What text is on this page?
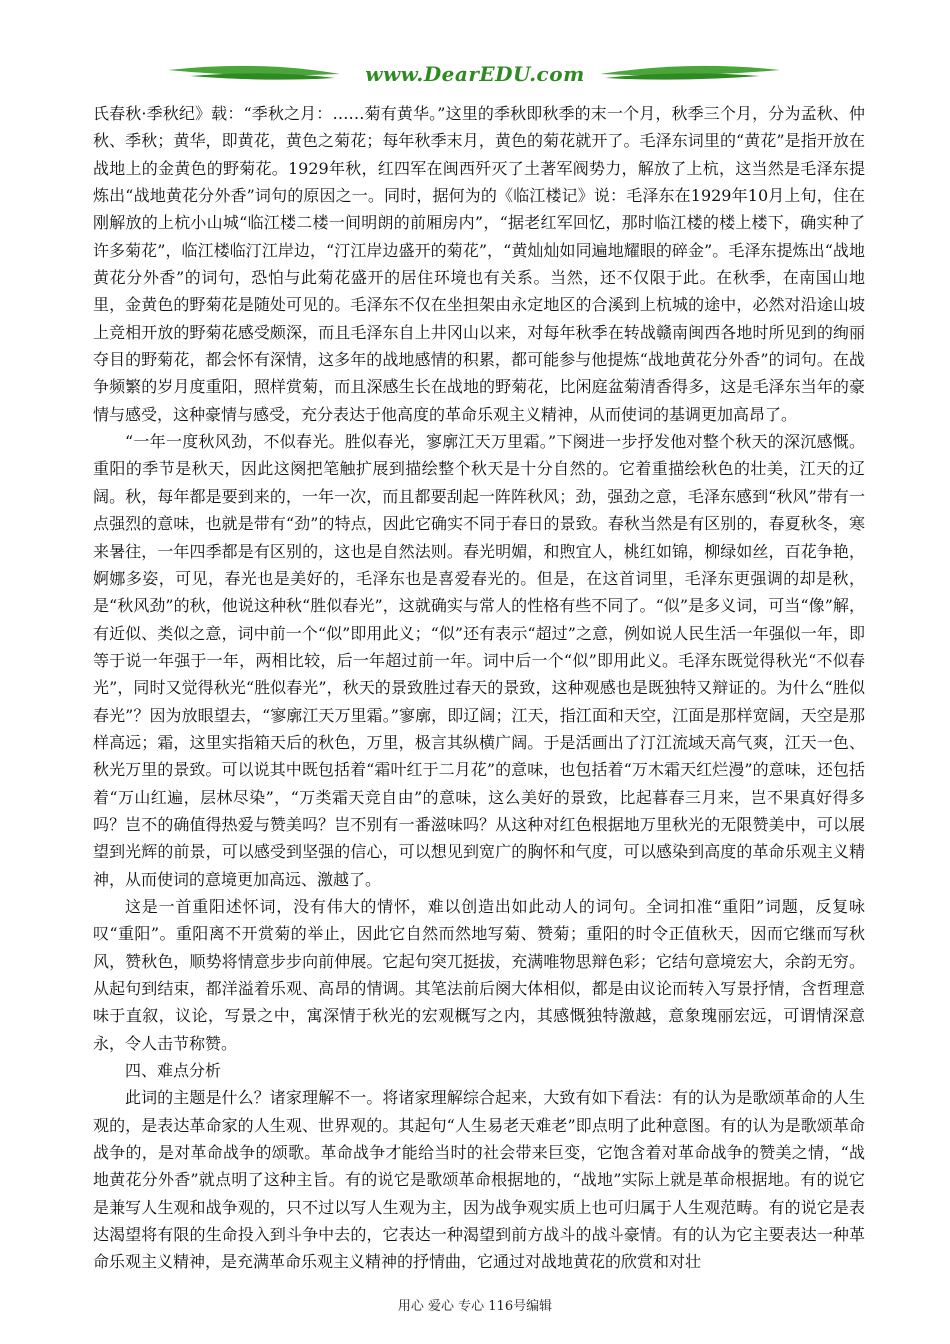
www.DearEDU.com

氏春秋·季秋纪》载：“季秋之月：……菊有黄华。”这里的季秋即秋季的末一个月，秋季三个月，分为孟秋、仲秋、季秋；黄华，即黄花，黄色之菊花；每年秋季末月，黄色的菊花就开了。毛泽东词里的“黄花”是指开放在战地上的金黄色的野菊花。1929年秋，红四军在闽西歼灭了土著军阀势力，解放了上杭，这当然是毛泽东提炼出“战地黄花分外香”词句的原因之一。同时，据何为的《临江楼记》说：毛泽东在1929年10月上旬，住在刚解放的上杭小山城“临江楼二楼一间明朗的前厢房内”，“据老红军回忆，那时临江楼的楼上楼下，确实种了许多菊花”，临江楼临汀江岸边，“汀江岸边盛开的菊花”，“黄灿灿如同遍地耀眼的碎金”。毛泽东提炼出“战地黄花分外香”的词句，恐怕与此菊花盛开的居住环境也有关系。当然，还不仅限于此。在秋季，在南国山地里，金黄色的野菊花是随处可见的。毛泽东不仅在坐担架由永定地区的合溪到上杭城的途中，必然对沿途山坡上竞相开放的野菊花感受颇深，而且毛泽东自上井冈山以来，对每年秋季在转战赣南闽西各地时所见到的绚丽夺目的野菊花，都会怀有深情，这多年的战地感情的积累，都可能参与他提炼“战地黄花分外香”的词句。在战争频繁的岁月度重阳，照样赏菊，而且深感生长在战地的野菊花，比闲庭盆菊清香得多，这是毛泽东当年的豪情与感受，这种豪情与感受，充分表达于他高度的革命乐观主义精神，从而使词的基调更加高昂了。

“一年一度秋风劲，不似春光。胜似春光，寥廓江天万里霜。”下阕进一步抒发他对整个秋天的深沉感慨。重阳的季节是秋天，因此这阕把笔触扩展到描绘整个秋天是十分自然的。它着重描绘秋色的壮美，江天的辽阔。秋，每年都是要到来的，一年一次，而且都要刮起一阵阵秋风；劲，强劲之意，毛泽东感到“秋风”带有一点强烈的意味，也就是带有“劲”的特点，因此它确实不同于春日的景致。春秋当然是有区别的，春夏秋冬，寒来暑往，一年四季都是有区别的，这也是自然法则。春光明媚，和煦宜人，桃红如锦，柳绿如丝，百花争艳，婀娜多姿，可见，春光也是美好的，毛泽东也是喜爱春光的。但是，在这首词里，毛泽东更强调的却是秋，是“秋风劲”的秋，他说这种秋“胜似春光”，这就确实与常人的性格有些不同了。“似”是多义词，可当“像”解，有近似、类似之意，词中前一个“似”即用此义；“似”还有表示“超过”之意，例如说人民生活一年强似一年，即等于说一年强于一年，两相比较，后一年超过前一年。词中后一个“似”即用此义。毛泽东既觉得秋光“不似春光”，同时又觉得秋光“胜似春光”，秋天的景致胜过春天的景致，这种观感也是既独特又辩证的。为什么“胜似春光”？因为放眼望去，“寥廓江天万里霜。”寥廓，即辽阔；江天，指江面和天空，江面是那样宽阔，天空是那样高远；霜，这里实指箱天后的秋色，万里，极言其纵横广阔。于是活画出了汀江流域天高气爽，江天一色、秋光万里的景致。可以说其中既包括着“霜叶红于二月花”的意味，也包括着“万木霜天红烂漫”的意味，还包括着“万山红遍，层林尽染”，“万类霜天竞自由”的意味，这么美好的景致，比起暮春三月来，岂不果真好得多吗？岂不的确值得热爱与赞美吗？岂不别有一番滋味吗？从这种对红色根据地万里秋光的无限赞美中，可以展望到光辉的前景，可以感受到坚强的信心，可以想见到宽广的胸怀和气度，可以感染到高度的革命乐观主义精神，从而使词的意境更加高远、激越了。

这是一首重阳述怀词，没有伟大的情怀，难以创造出如此动人的词句。全词扣准“重阳”词题，反复咏叹“重阳”。重阳离不开赏菊的举止，因此它自然而然地写菊、赞菊；重阳的时令正值秋天，因而它继而写秋风，赞秋色，顺势将情意步步向前伸展。它起句突兀挺拔，充满唯物思辩色彩；它结句意境宏大，余韵无穷。从起句到结束，都洋溢着乐观、高昂的情调。其笔法前后阕大体相似，都是由议论而转入写景抒情，含哲理意味于直叙，议论，写景之中，寓深情于秋光的宏观概写之内，其感慨独特激越，意象瑰丽宏远，可谓情深意永，令人击节称赞。

四、难点分析

此词的主题是什么？诸家理解不一。将诸家理解综合起来，大致有如下看法：有的认为是歌颂革命的人生观的，是表达革命家的人生观、世界观的。其起句“人生易老天难老”即点明了此种意图。有的认为是歌颂革命战争的，是对革命战争的颂歌。革命战争才能给当时的社会带来巨变，它饱含着对革命战争的赞美之情，“战地黄花分外香”就点明了这种主旨。有的说它是歌颂革命根据地的，“战地”实际上就是革命根据地。有的说它是兼写人生观和战争观的，只不过以写人生观为主，因为战争观实质上也可归属于人生观范畴。有的说它是表达渴望将有限的生命投入到斗争中去的，它表达一种渴望到前方战斗的战斗豪情。有的认为它主要表达一种革命乐观主义精神，是充满革命乐观主义精神的抒情曲，它通过对战地黄花的欣赏和对壮

用心 爱心 专心 116号编辑
